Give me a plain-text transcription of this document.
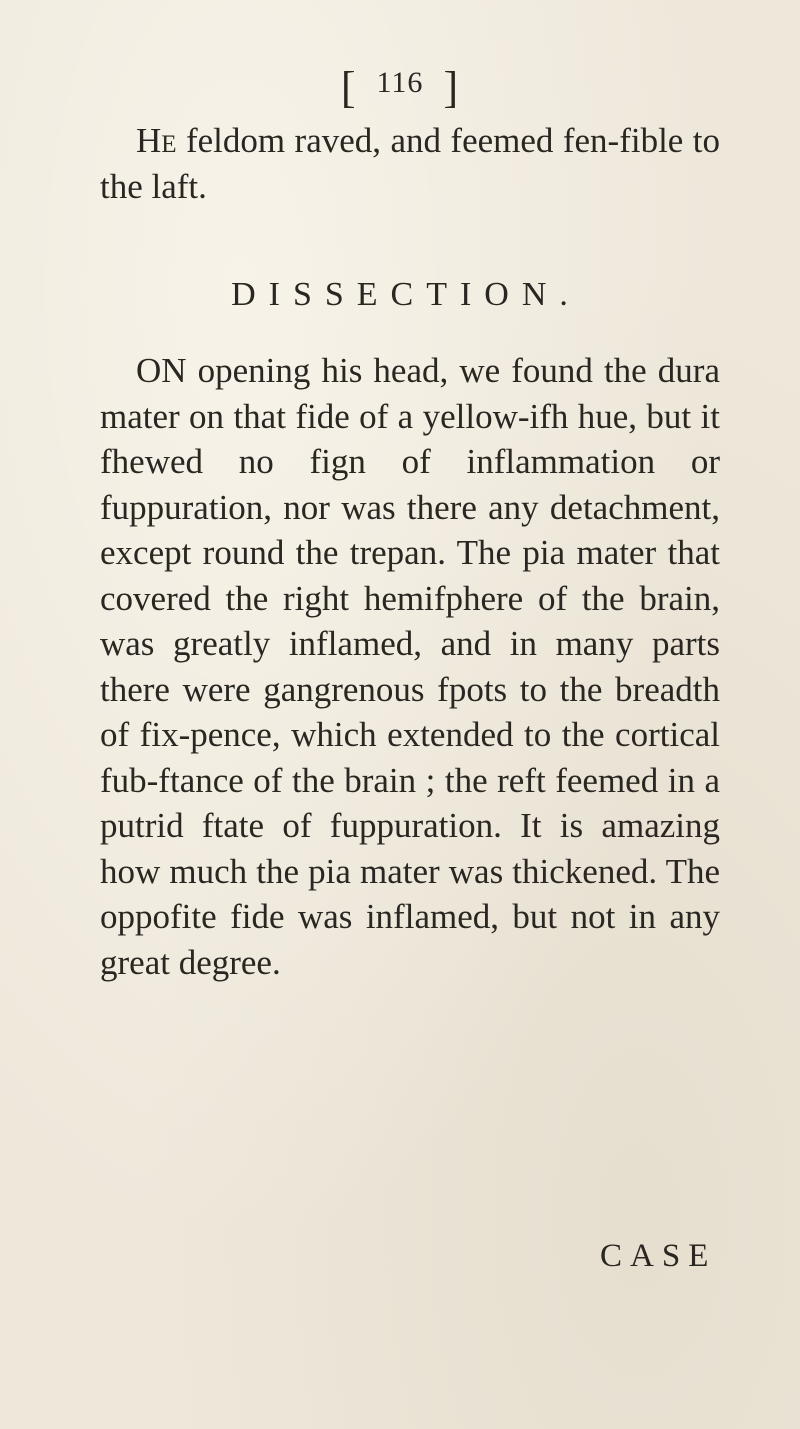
[ 116 ]

He feldom raved, and feemed fen-fible to the laft.

DISSECTION.

ON opening his head, we found the dura mater on that fide of a yellow-ifh hue, but it fhewed no fign of inflammation or fuppuration, nor was there any detachment, except round the trepan. The pia mater that covered the right hemifphere of the brain, was greatly inflamed, and in many parts there were gangrenous fpots to the breadth of fix-pence, which extended to the cortical fub-ftance of the brain ; the reft feemed in a putrid ftate of fuppuration. It is amazing how much the pia mater was thickened. The oppofite fide was inflamed, but not in any great degree.

CASE
